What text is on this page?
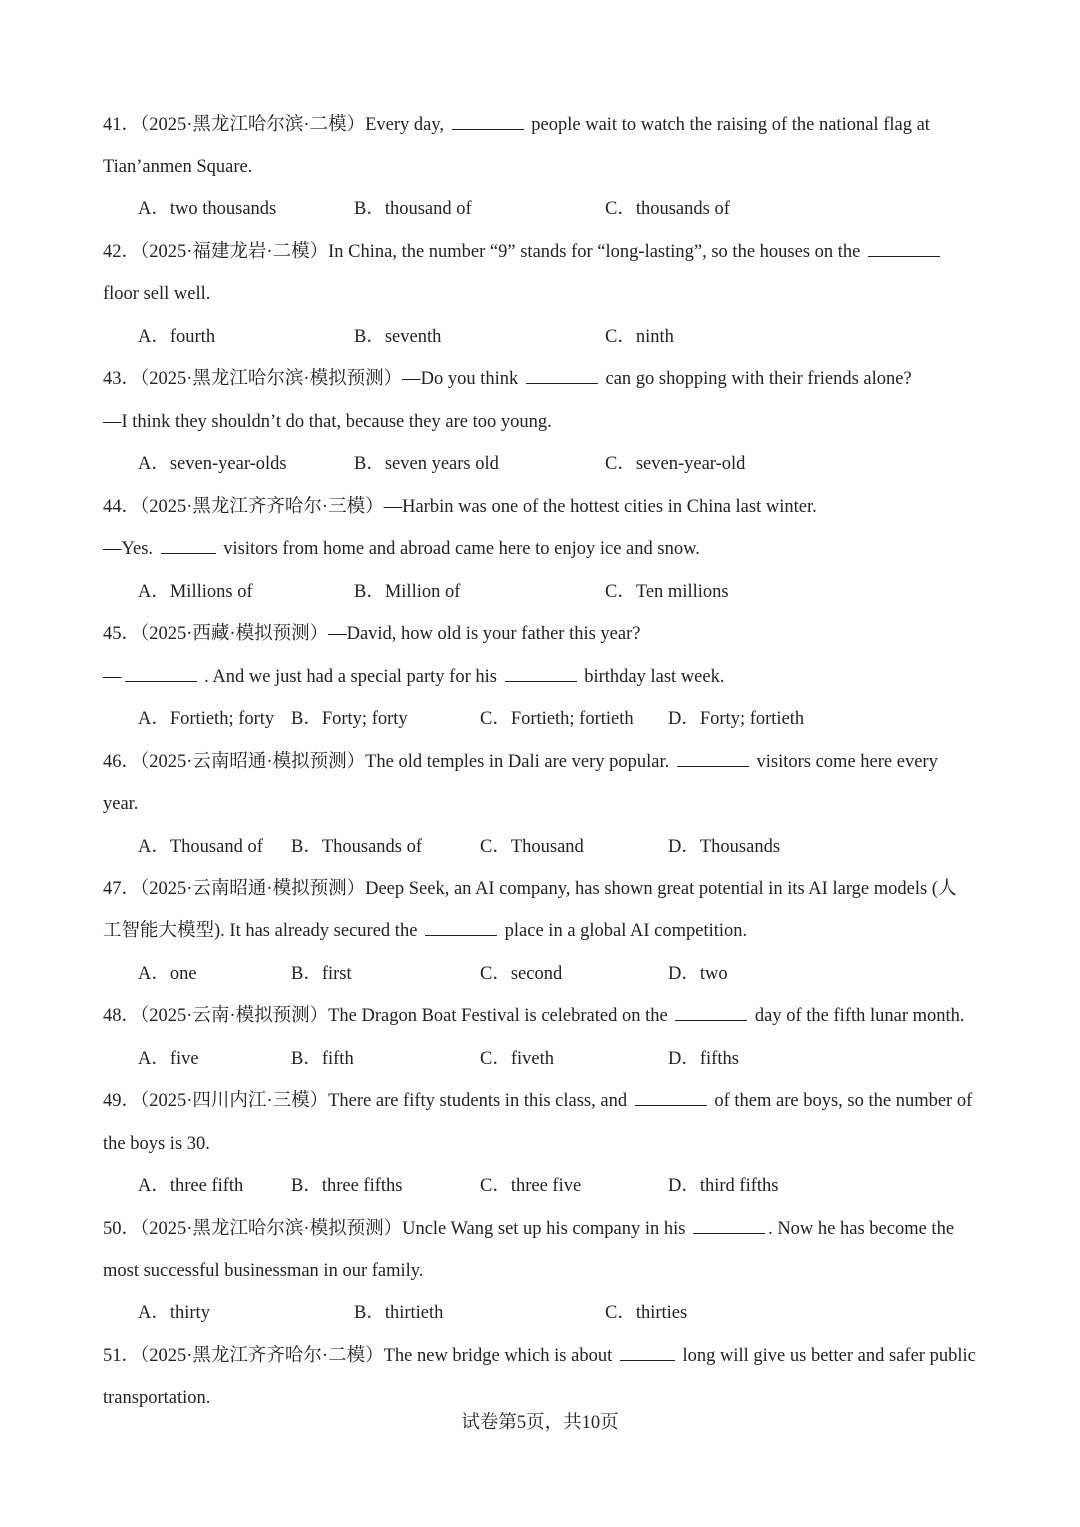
41．（2025·黑龙江哈尔滨·二模）Every day,	people wait to watch the raising of the national flag at
Tian’anmen Square.
A．two thousands	B．thousand of	C．thousands of
42．（2025·福建龙岩·二模）In China, the number “9” stands for “long-lasting”, so the houses on the
floor sell well.
A．fourth	B．seventh	C．ninth
43．（2025·黑龙江哈尔滨·模拟预测）—Do you think	can go shopping with their friends alone?
—I think they shouldn’t do that, because they are too young.
A．seven-year-olds	B．seven years old	C．seven-year-old
44．（2025·黑龙江齐齐哈尔·三模）—Harbin was one of the hottest cities in China last winter.
—Yes.	visitors from home and abroad came here to enjoy ice and snow.
A．Millions of	B．Million of	C．Ten millions
45．（2025·西藏·模拟预测）—David, how old is your father this year?
—	. And we just had a special party for his	birthday last week.
A．Fortieth; forty B．Forty; forty	C．Fortieth; fortieth D．Forty; fortieth
46．（2025·云南昭通·模拟预测）The old temples in Dali are very popular.	visitors come here every
year.
A．Thousand of B．Thousands of	C．Thousand	D．Thousands
47．（2025·云南昭通·模拟预测）Deep Seek, an AI company, has shown great potential in its AI large models (人
工智能大模型). It has already secured the	place in a global AI competition.
A．one	B．first	C．second	D．two
48．（2025·云南·模拟预测）The Dragon Boat Festival is celebrated on the	day of the fifth lunar month.
A．five	B．fifth	C．fiveth	D．fifths
49．（2025·四川内江·三模）There are fifty students in this class, and	of them are boys, so the number of
the boys is 30.
A．three fifth	B．three fifths	C．three five	D．third fifths
50．（2025·黑龙江哈尔滨·模拟预测）Uncle Wang set up his company in his	. Now he has become the
most successful businessman in our family.
A．thirty	B．thirtieth	C．thirties
51．（2025·黑龙江齐齐哈尔·二模）The new bridge which is about	long will give us better and safer public
transportation.
试卷第5页，共10页
